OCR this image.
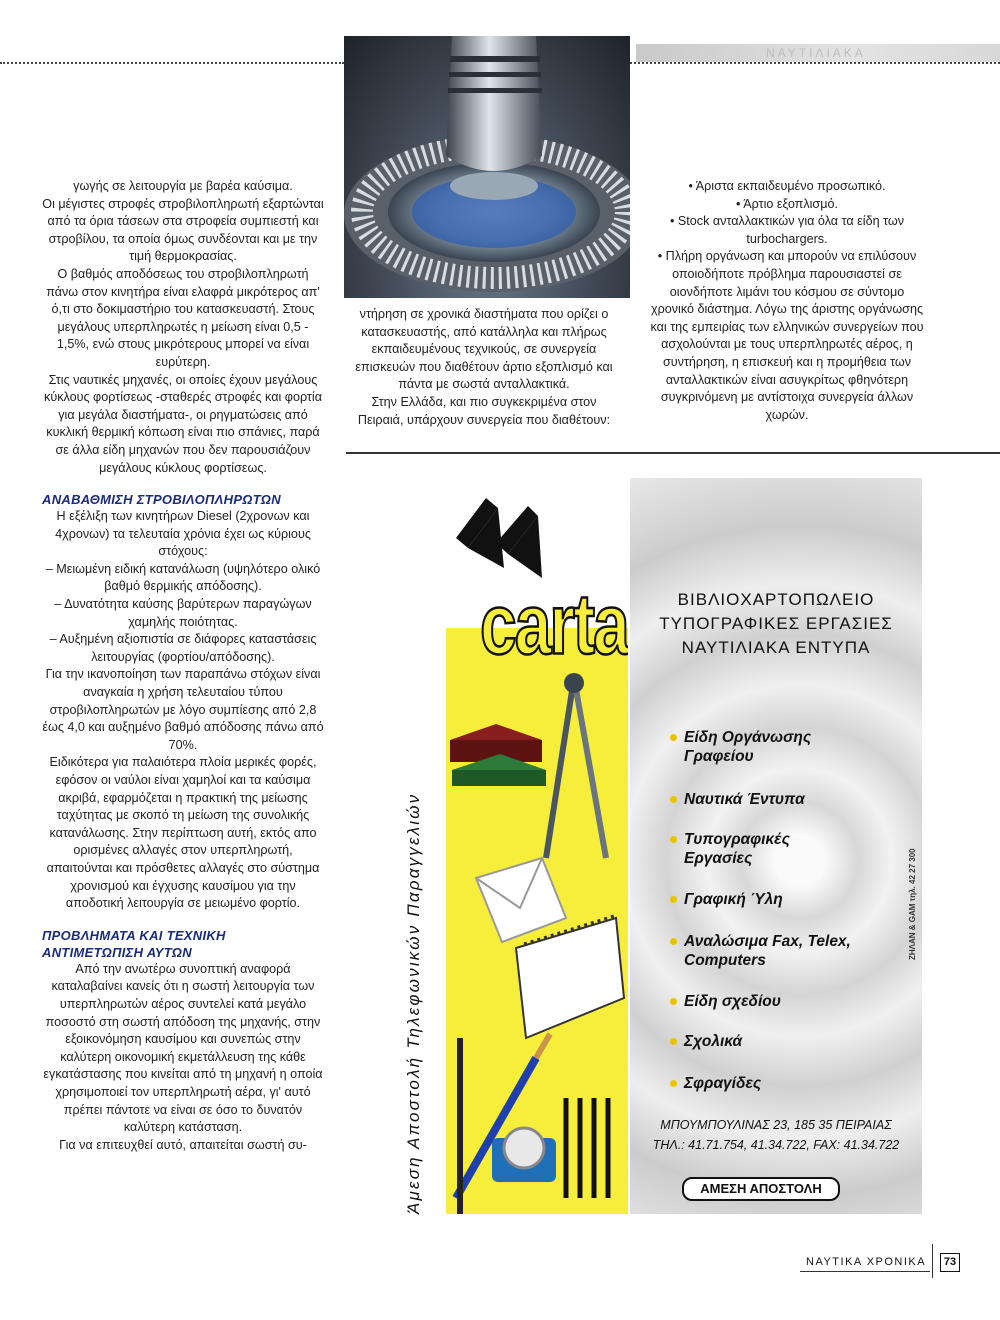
ΝΑΥΤΙΛΙΑΚΑ

γωγής σε λειτουργία με βαρέα καύσιμα.

Οι μέγιστες στροφές στροβιλοπληρωτή εξαρτώνται από τα όρια τάσεων στα στροφεία συμπιεστή και στροβίλου, τα οποία όμως συνδέονται και με την τιμή θερμοκρασίας.

Ο βαθμός αποδόσεως του στροβιλοπληρωτή πάνω στον κινητήρα είναι ελαφρά μικρότερος απ' ό,τι στο δοκιμαστήριο του κατασκευαστή. Στους μεγάλους υπερπληρωτές η μείωση είναι 0,5 - 1,5%, ενώ στους μικρότερους μπορεί να είναι ευρύτερη.

Στις ναυτικές μηχανές, οι οποίες έχουν μεγάλους κύκλους φορτίσεως -σταθερές στροφές και φορτία για μεγάλα διαστήματα-, οι ρηγματώσεις από κυκλική θερμική κόπωση είναι πιο σπάνιες, παρά σε άλλα είδη μηχανών που δεν παρουσιάζουν μεγάλους κύκλους φορτίσεως.

ΑΝΑΒΑΘΜΙΣΗ ΣΤΡΟΒΙΛΟΠΛΗΡΩΤΩΝ

Η εξέλιξη των κινητήρων Diesel (2χρονων και 4χρονων) τα τελευταία χρόνια έχει ως κύριους στόχους:

– Μειωμένη ειδική κατανάλωση (υψηλότερο ολικό βαθμό θερμικής απόδοσης).

– Δυνατότητα καύσης βαρύτερων παραγώγων χαμηλής ποιότητας.

– Αυξημένη αξιοπιστία σε διάφορες καταστάσεις λειτουργίας (φορτίου/απόδοσης).

Για την ικανοποίηση των παραπάνω στόχων είναι αναγκαία η χρήση τελευταίου τύπου στροβιλοπληρωτών με λόγο συμπίεσης από 2,8 έως 4,0 και αυξημένο βαθμό απόδοσης πάνω από 70%.

Ειδικότερα για παλαιότερα πλοία μερικές φορές, εφόσον οι ναύλοι είναι χαμηλοί και τα καύσιμα ακριβά, εφαρμόζεται η πρακτική της μείωσης ταχύτητας με σκοπό τη μείωση της συνολικής κατανάλωσης. Στην περίπτωση αυτή, εκτός απο ορισμένες αλλαγές στον υπερπληρωτή, απαιτούνται και πρόσθετες αλλαγές στο σύστημα χρονισμού και έγχυσης καυσίμου για την αποδοτική λειτουργία σε μειωμένο φορτίο.

ΠΡΟΒΛΗΜΑΤΑ ΚΑΙ ΤΕΧΝΙΚΗ ΑΝΤΙΜΕΤΩΠΙΣΗ ΑΥΤΩΝ

Από την ανωτέρω συνοπτική αναφορά καταλαβαίνει κανείς ότι η σωστή λειτουργία των υπερπληρωτών αέρος συντελεί κατά μεγάλο ποσοστό στη σωστή απόδοση της μηχανής, στην εξοικονόμηση καυσίμου και συνεπώς στην καλύτερη οικονομική εκμετάλλευση της κάθε εγκατάστασης που κινείται από τη μηχανή η οποία χρησιμοποιεί τον υπερπληρωτή αέρα, γι' αυτό πρέπει πάντοτε να είναι σε όσο το δυνατόν καλύτερη κατάσταση.

Για να επιτευχθεί αυτό, απαιτείται σωστή συ-

ντήρηση σε χρονικά διαστήματα που ορίζει ο κατασκευαστής, από κατάλληλα και πλήρως εκπαιδευμένους τεχνικούς, σε συνεργεία επισκευών που διαθέτουν άρτιο εξοπλισμό και πάντα με σωστά ανταλλακτικά.

Στην Ελλάδα, και πιο συγκεκριμένα στον Πειραιά, υπάρχουν συνεργεία που διαθέτουν:

• Άριστα εκπαιδευμένο προσωπικό.

• Άρτιο εξοπλισμό.

• Stock ανταλλακτικών για όλα τα είδη των turbochargers.

• Πλήρη οργάνωση και μπορούν να επιλύσουν οποιοδήποτε πρόβλημα παρουσιαστεί σε οιονδήποτε λιμάνι του κόσμου σε σύντομο χρονικό διάστημα. Λόγω της άριστης οργάνωσης και της εμπειρίας των ελληνικών συνεργείων που ασχολούνται με τους υπερπληρωτές αέρος, η συντήρηση, η επισκευή και η προμήθεια των ανταλλακτικών είναι ασυγκρίτως φθηνότερη συγκρινόμενη με αντίστοιχα συνεργεία άλλων χωρών.

Άμεση Αποστολή Τηλεφωνικών Παραγγελιών
carta	ΒΙΒΛΙΟΧΑΡΤΟΠΩΛΕΙΟ
ΤΥΠΟΓΡΑΦΙΚΕΣ ΕΡΓΑΣΙΕΣ
ΝΑΥΤΙΛΙΑΚΑ ΕΝΤΥΠΑ
Είδη Οργάνωσης Γραφείου
Ναυτικά Έντυπα
Τυπογραφικές Εργασίες
Γραφική Ύλη
Αναλώσιμα Fax, Telex, Computers
Είδη σχεδίου
Σχολικά
Σφραγίδες
ΜΠΟΥΜΠΟΥΛΙΝΑΣ 23, 185 35 ΠΕΙΡΑΙΑΣ
ΤΗΛ.: 41.71.754, 41.34.722, FAX: 41.34.722
ΑΜΕΣΗ ΑΠΟΣΤΟΛΗ
ΖΗΛΑΝ & GAM τηλ. 42 27 300
ΝΑΥΤΙΚΑ ΧΡΟΝΙΚΑ	73
